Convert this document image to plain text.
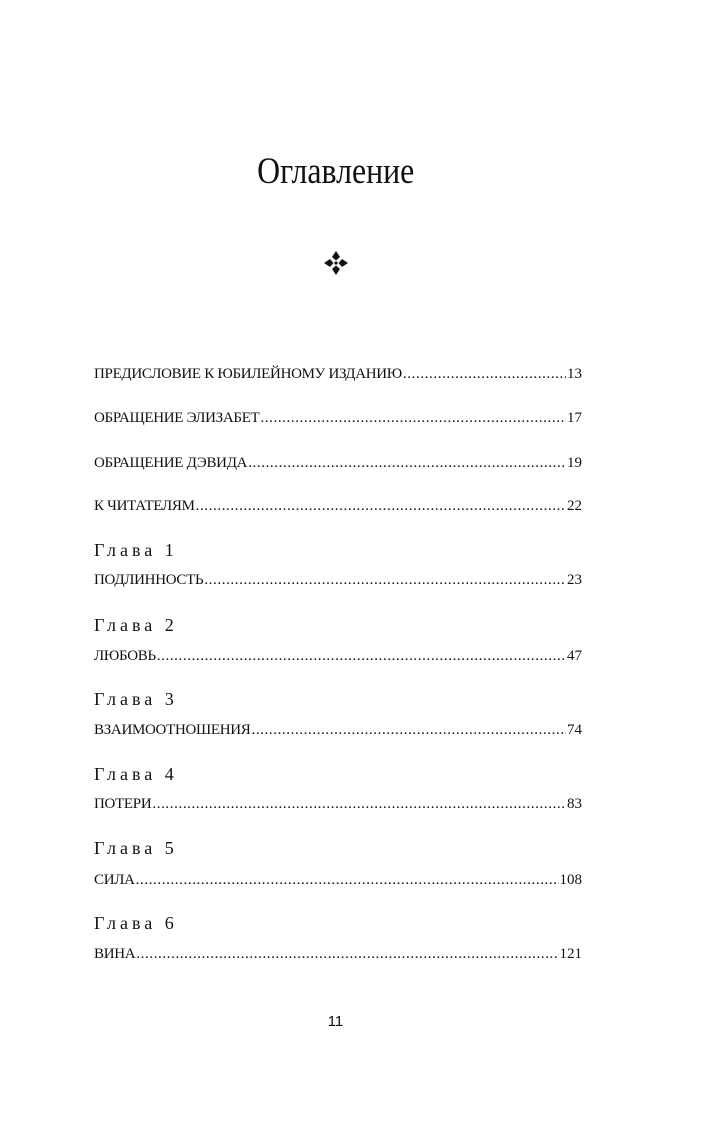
Оглавление
ПРЕДИСЛОВИЕ К ЮБИЛЕЙНОМУ ИЗДАНИЮ .....	13
ОБРАЩЕНИЕ ЭЛИЗАБЕТ .....	17
ОБРАЩЕНИЕ ДЭВИДА .....	19
К ЧИТАТЕЛЯМ .....	22
Глава 1
ПОДЛИННОСТЬ .....	23
Глава 2
ЛЮБОВЬ .....	47
Глава 3
ВЗАИМООТНОШЕНИЯ .....	74
Глава 4
ПОТЕРИ .....	83
Глава 5
СИЛА .....	108
Глава 6
ВИНА .....	121
11
